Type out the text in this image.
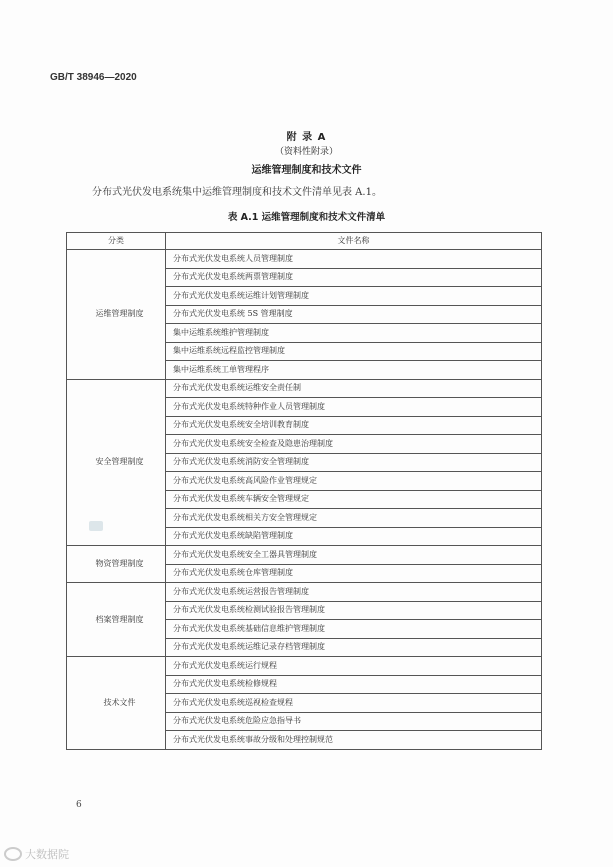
GB/T 38946—2020
附 录 A
（资料性附录）
运维管理制度和技术文件
分布式光伏发电系统集中运维管理制度和技术文件清单见表 A.1。
表 A.1 运维管理制度和技术文件清单
分类	文件名称
运维管理制度	分布式光伏发电系统人员管理制度
	分布式光伏发电系统两票管理制度
	分布式光伏发电系统运维计划管理制度
	分布式光伏发电系统 5S 管理制度
	集中运维系统维护管理制度
	集中运维系统远程监控管理制度
	集中运维系统工单管理程序
安全管理制度	分布式光伏发电系统运维安全责任制
	分布式光伏发电系统特种作业人员管理制度
	分布式光伏发电系统安全培训教育制度
	分布式光伏发电系统安全检查及隐患治理制度
	分布式光伏发电系统消防安全管理制度
	分布式光伏发电系统高风险作业管理规定
	分布式光伏发电系统车辆安全管理规定
	分布式光伏发电系统相关方安全管理规定
	分布式光伏发电系统缺陷管理制度
物资管理制度	分布式光伏发电系统安全工器具管理制度
	分布式光伏发电系统仓库管理制度
档案管理制度	分布式光伏发电系统运营报告管理制度
	分布式光伏发电系统检测试验报告管理制度
	分布式光伏发电系统基础信息维护管理制度
	分布式光伏发电系统运维记录存档管理制度
技术文件	分布式光伏发电系统运行规程
	分布式光伏发电系统检修规程
	分布式光伏发电系统巡视检查规程
	分布式光伏发电系统危险应急指导书
	分布式光伏发电系统事故分级和处理控制规范
6
大数据院
